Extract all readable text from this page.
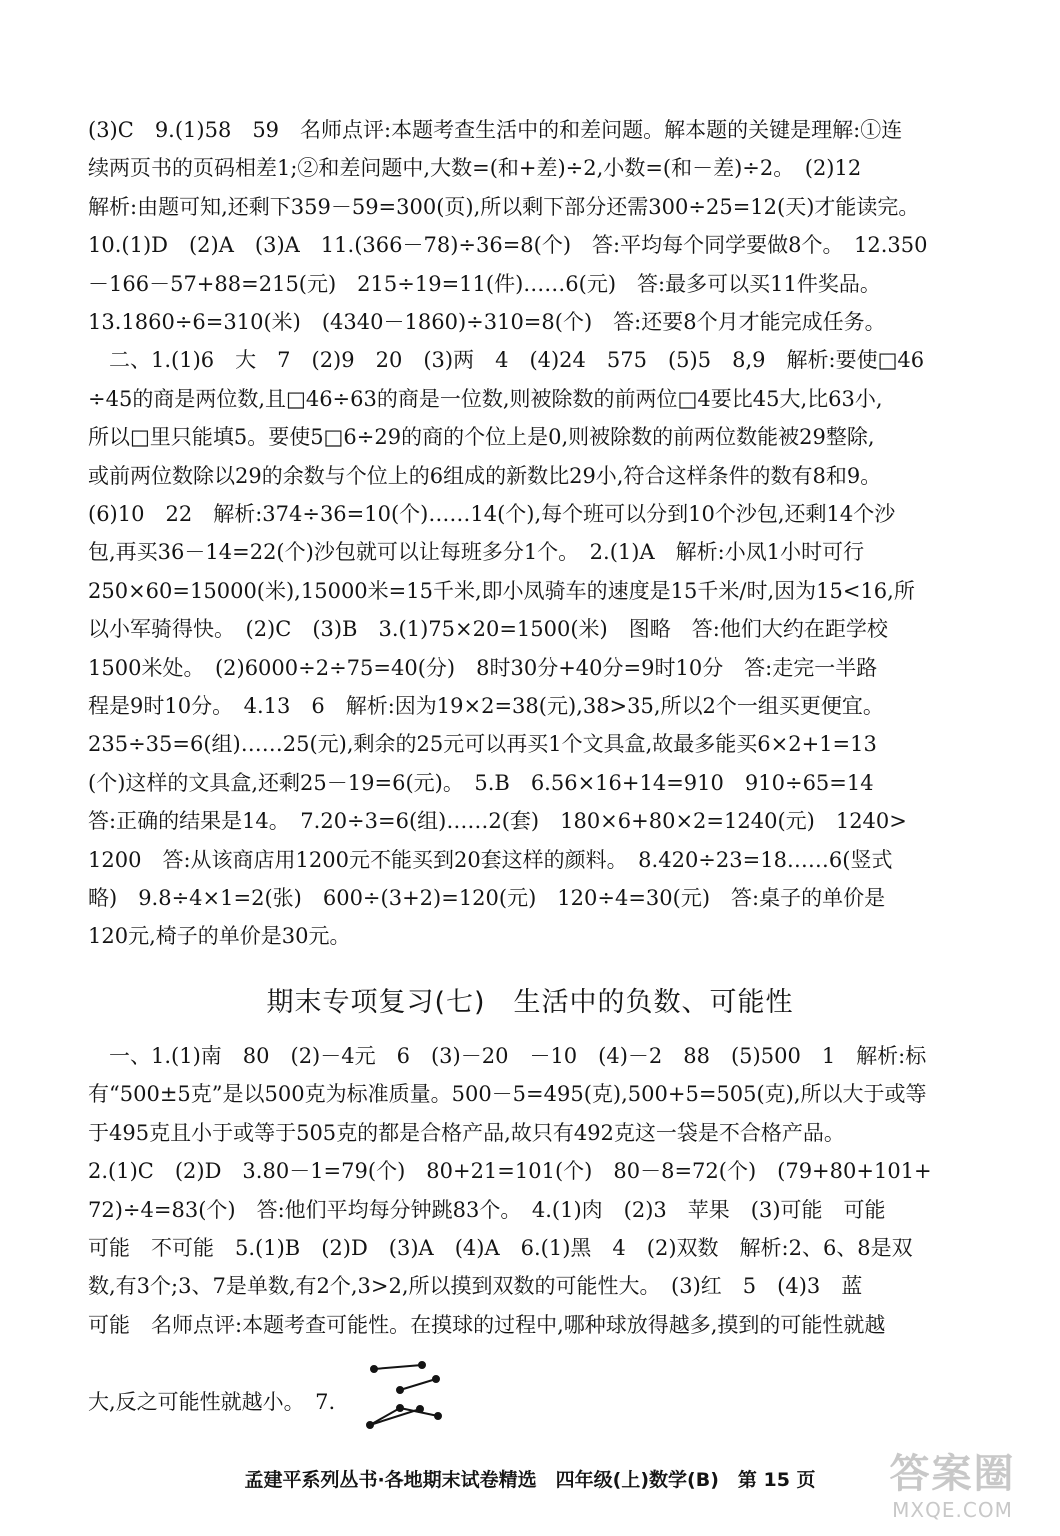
(3)C　9.(1)58　59　名师点评:本题考查生活中的和差问题。解本题的关键是理解:①连
续两页书的页码相差1;②和差问题中,大数=(和+差)÷2,小数=(和－差)÷2。　(2)12
解析:由题可知,还剩下359－59=300(页),所以剩下部分还需300÷25=12(天)才能读完。
10.(1)D　(2)A　(3)A　11.(366－78)÷36=8(个)　答:平均每个同学要做8个。　12.350
－166－57+88=215(元)　215÷19=11(件)……6(元)　答:最多可以买11件奖品。
13.1860÷6=310(米)　(4340－1860)÷310=8(个)　答:还要8个月才能完成任务。
　二、1.(1)6　大　7　(2)9　20　(3)两　4　(4)24　575　(5)5　8,9　解析:要使□46
÷45的商是两位数,且□46÷63的商是一位数,则被除数的前两位□4要比45大,比63小,
所以□里只能填5。要使5□6÷29的商的个位上是0,则被除数的前两位数能被29整除,
或前两位数除以29的余数与个位上的6组成的新数比29小,符合这样条件的数有8和9。
(6)10　22　解析:374÷36=10(个)……14(个),每个班可以分到10个沙包,还剩14个沙
包,再买36－14=22(个)沙包就可以让每班多分1个。　2.(1)A　解析:小凤1小时可行
250×60=15000(米),15000米=15千米,即小凤骑车的速度是15千米/时,因为15<16,所
以小军骑得快。　(2)C　(3)B　3.(1)75×20=1500(米)　图略　答:他们大约在距学校
1500米处。　(2)6000÷2÷75=40(分)　8时30分+40分=9时10分　答:走完一半路
程是9时10分。　4.13　6　解析:因为19×2=38(元),38>35,所以2个一组买更便宜。
235÷35=6(组)……25(元),剩余的25元可以再买1个文具盒,故最多能买6×2+1=13
(个)这样的文具盒,还剩25－19=6(元)。　5.B　6.56×16+14=910　910÷65=14
答:正确的结果是14。　7.20÷3=6(组)……2(套)　180×6+80×2=1240(元)　1240>
1200　答:从该商店用1200元不能买到20套这样的颜料。　8.420÷23=18……6(竖式
略)　9.8÷4×1=2(张)　600÷(3+2)=120(元)　120÷4=30(元)　答:桌子的单价是
120元,椅子的单价是30元。
期末专项复习(七)　生活中的负数、可能性
　一、1.(1)南　80　(2)－4元　6　(3)－20　－10　(4)－2　88　(5)500　1　解析:标
有“500±5克”是以500克为标准质量。500－5=495(克),500+5=505(克),所以大于或等
于495克且小于或等于505克的都是合格产品,故只有492克这一袋是不合格产品。
2.(1)C　(2)D　3.80－1=79(个)　80+21=101(个)　80－8=72(个)　(79+80+101+
72)÷4=83(个)　答:他们平均每分钟跳83个。　4.(1)肉　(2)3　苹果　(3)可能　可能
可能　不可能　5.(1)B　(2)D　(3)A　(4)A　6.(1)黑　4　(2)双数　解析:2、6、8是双
数,有3个;3、7是单数,有2个,3>2,所以摸到双数的可能性大。　(3)红　5　(4)3　蓝
可能　名师点评:本题考查可能性。在摸球的过程中,哪种球放得越多,摸到的可能性就越
大,反之可能性就越小。　7.
孟建平系列丛书·各地期末试卷精选　四年级(上)数学(B)　第 15 页	答案圈
MXQE.COM
